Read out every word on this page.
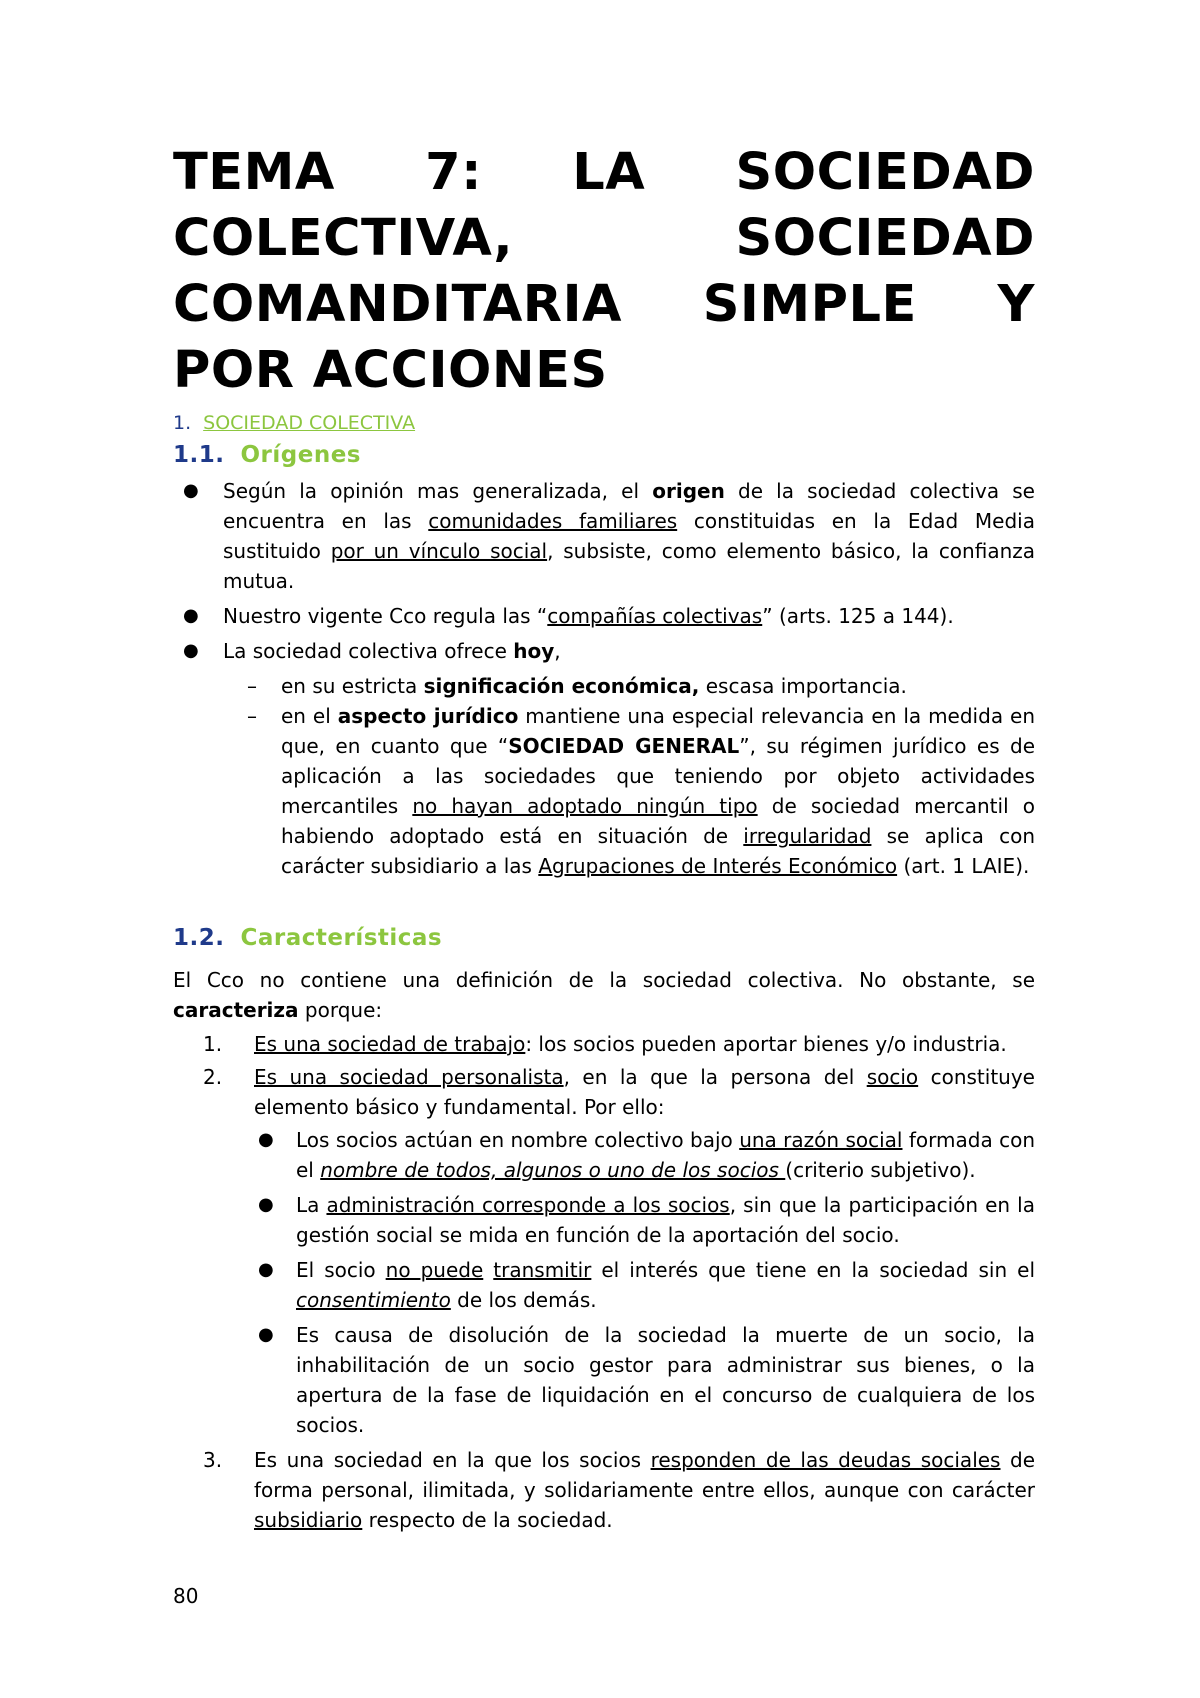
TEMA 7: LA SOCIEDAD COLECTIVA, SOCIEDAD COMANDITARIA SIMPLE Y POR ACCIONES

1. SOCIEDAD COLECTIVA

1.1. Orígenes

● Según la opinión mas generalizada, el origen de la sociedad colectiva se encuentra en las comunidades familiares constituidas en la Edad Media sustituido por un vínculo social, subsiste, como elemento básico, la confianza mutua.
● Nuestro vigente Cco regula las “compañías colectivas” (arts. 125 a 144).
● La sociedad colectiva ofrece hoy,
– en su estricta significación económica, escasa importancia.
– en el aspecto jurídico mantiene una especial relevancia en la medida en que, en cuanto que “SOCIEDAD GENERAL”, su régimen jurídico es de aplicación a las sociedades que teniendo por objeto actividades mercantiles no hayan adoptado ningún tipo de sociedad mercantil o habiendo adoptado está en situación de irregularidad se aplica con carácter subsidiario a las Agrupaciones de Interés Económico (art. 1 LAIE).

1.2. Características

El Cco no contiene una definición de la sociedad colectiva. No obstante, se caracteriza porque:

1. Es una sociedad de trabajo: los socios pueden aportar bienes y/o industria.
2. Es una sociedad personalista, en la que la persona del socio constituye elemento básico y fundamental. Por ello:
● Los socios actúan en nombre colectivo bajo una razón social formada con el nombre de todos, algunos o uno de los socios (criterio subjetivo).
● La administración corresponde a los socios, sin que la participación en la gestión social se mida en función de la aportación del socio.
● El socio no puede transmitir el interés que tiene en la sociedad sin el consentimiento de los demás.
● Es causa de disolución de la sociedad la muerte de un socio, la inhabilitación de un socio gestor para administrar sus bienes, o la apertura de la fase de liquidación en el concurso de cualquiera de los socios.
3. Es una sociedad en la que los socios responden de las deudas sociales de forma personal, ilimitada, y solidariamente entre ellos, aunque con carácter subsidiario respecto de la sociedad.
80
